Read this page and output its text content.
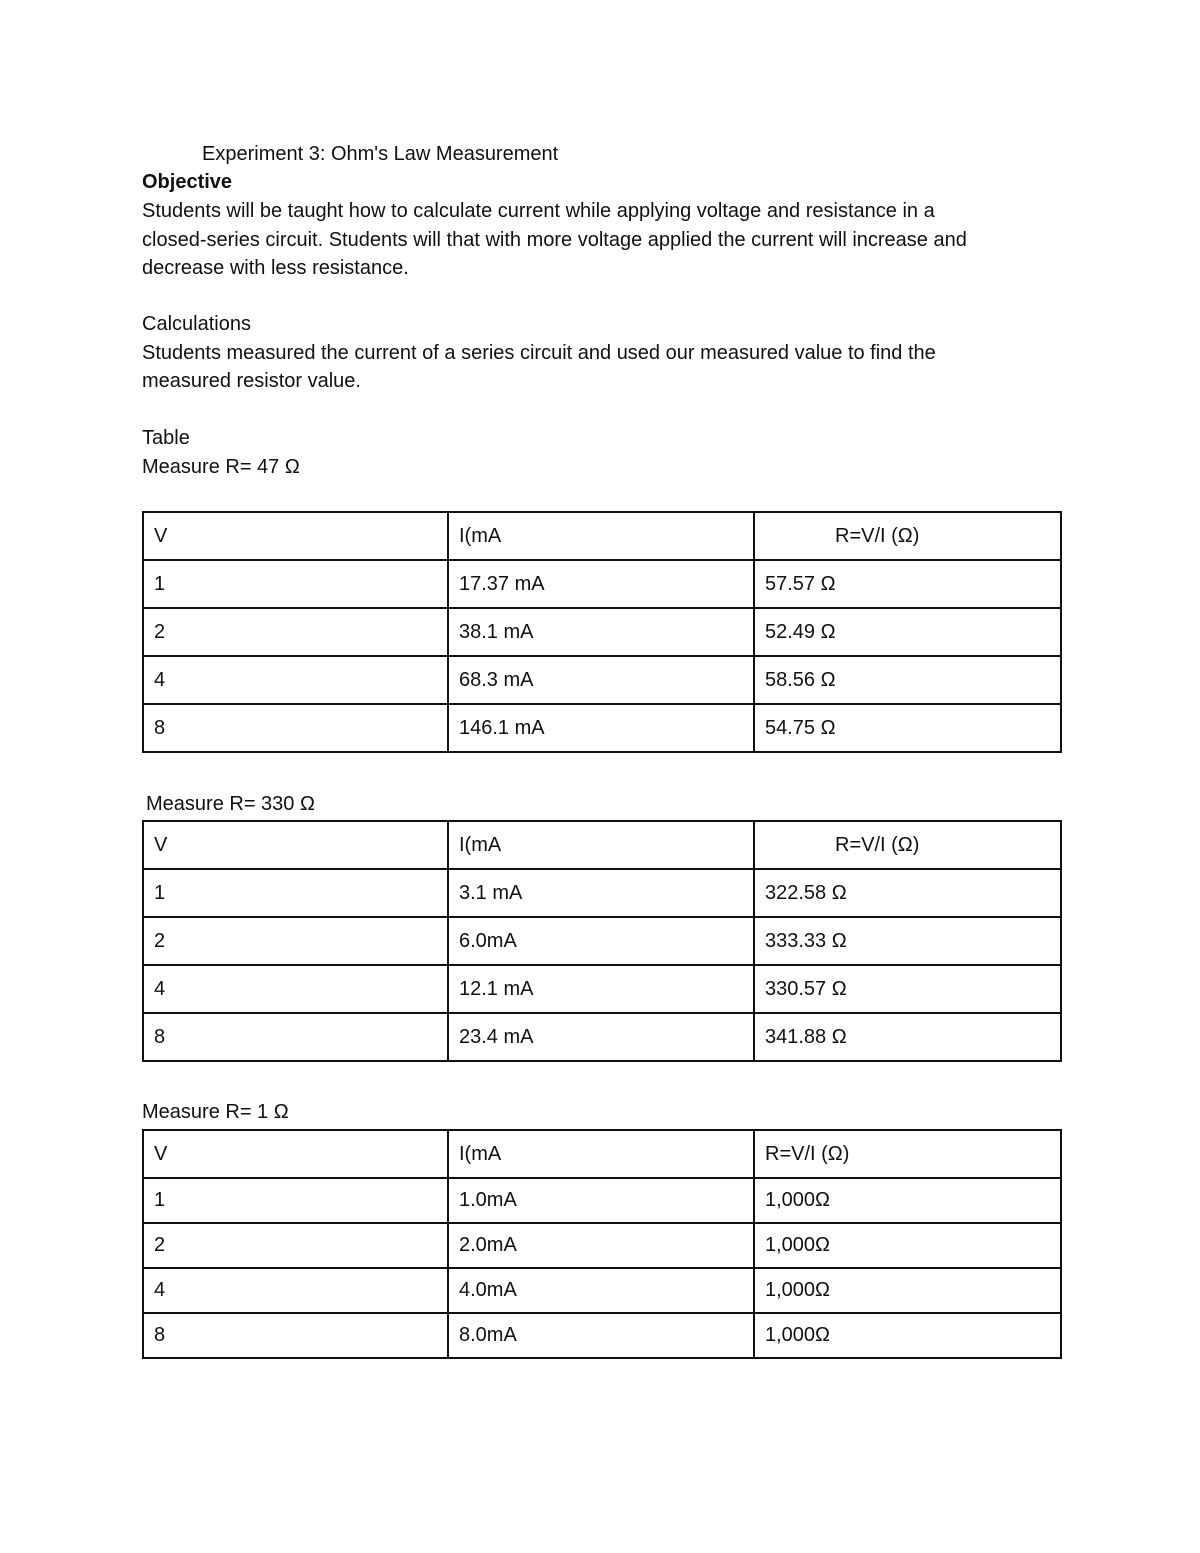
Experiment 3: Ohm's Law Measurement
Objective
Students will be taught how to calculate current while applying voltage and resistance in a
closed-series circuit. Students will that with more voltage applied the current will increase and
decrease with less resistance.
Calculations
Students measured the current of a series circuit and used our measured value to find the
measured resistor value.
Table
Measure R= 47 Ω
V	I(mA	R=V/I (Ω)
1	17.37 mA	57.57 Ω
2	38.1 mA	52.49 Ω
4	68.3 mA	58.56 Ω
8	146.1 mA	54.75 Ω
Measure R= 330 Ω
V	I(mA	R=V/I (Ω)
1	3.1 mA	322.58 Ω
2	6.0mA	333.33 Ω
4	12.1 mA	330.57 Ω
8	23.4 mA	341.88 Ω
Measure R= 1 Ω
V	I(mA	R=V/I (Ω)
1	1.0mA	1,000Ω
2	2.0mA	1,000Ω
4	4.0mA	1,000Ω
8	8.0mA	1,000Ω
